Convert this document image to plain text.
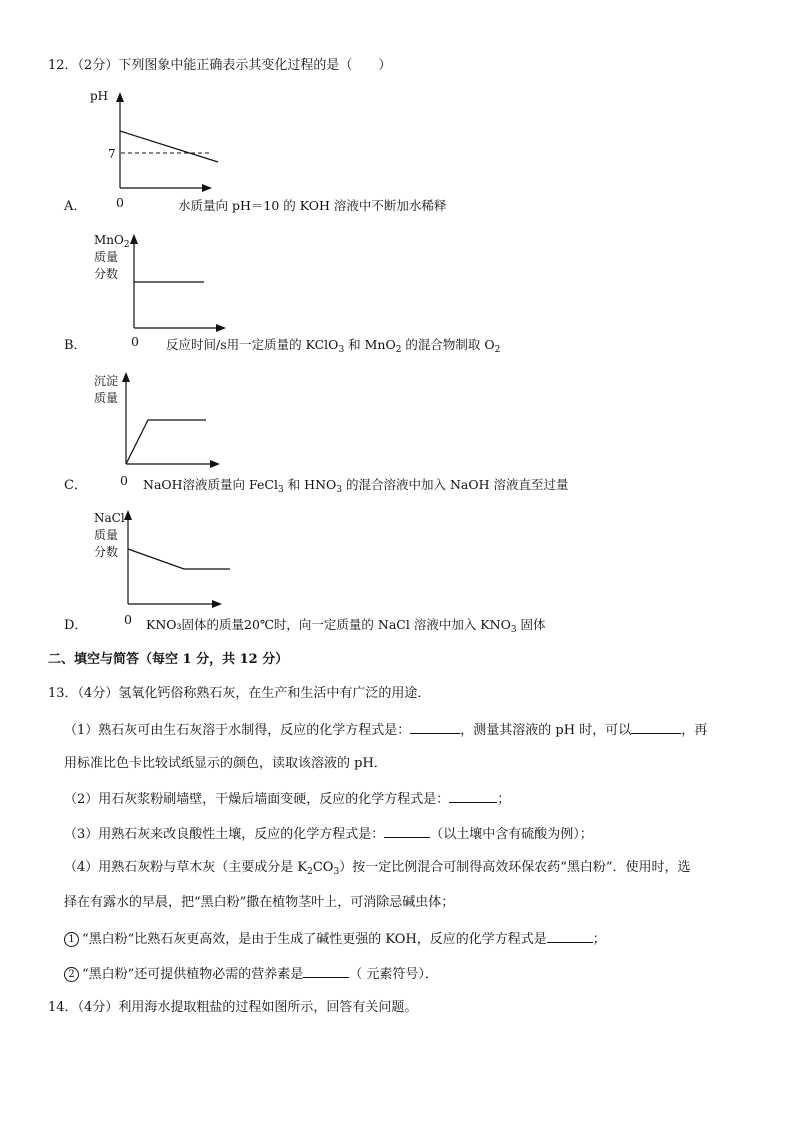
12．（2分）下列图象中能正确表示其变化过程的是（　　）
pH
7
A． 0	水质量向 pH＝10 的 KOH 溶液中不断加水稀释
MnO$_2$
质量
分数
B．	0 反应时间/s用一定质量的 KClO$_3$ 和 MnO$_2$ 的混合物制取 $O_2$
沉淀
质量
C．	0 NaOH溶液质量向 FeCl$_3$ 和 $HNO_3$ 的混合溶液中加入 NaOH 溶液直至过量
NaCl
质量
分数
D．	0 KNO₃固体的质量20℃时，向一定质量的 NaCl 溶液中加入 $KNO_3$ 固体
二、填空与简答（每空 1 分，共 12 分）
13．（4分）氢氧化钙俗称熟石灰，在生产和生活中有广泛的用途．
（1）熟石灰可由生石灰溶于水制得，反应的化学方程式是：	，测量其溶液的 pH 时，可以	，再
用标准比色卡比较试纸显示的颜色，读取该溶液的 pH．
（2）用石灰浆粉刷墙壁，干燥后墙面变硬，反应的化学方程式是：	；
（3）用熟石灰来改良酸性土壤，反应的化学方程式是：	（以土壤中含有硫酸为例）；
（4）用熟石灰粉与草木灰（主要成分是 $K_2CO_3$）按一定比例混合可制得高效环保农药“黑白粉”．使用时，选
择在有露水的早晨，把“黑白粉”撒在植物茎叶上，可消除忌碱虫体；
1 “黑白粉”比熟石灰更高效，是由于生成了碱性更强的 KOH，反应的化学方程式是	；
2 “黑白粉”还可提供植物必需的营养素是	（ 元素符号）．
14．（4分）利用海水提取粗盐的过程如图所示，回答有关问题。
